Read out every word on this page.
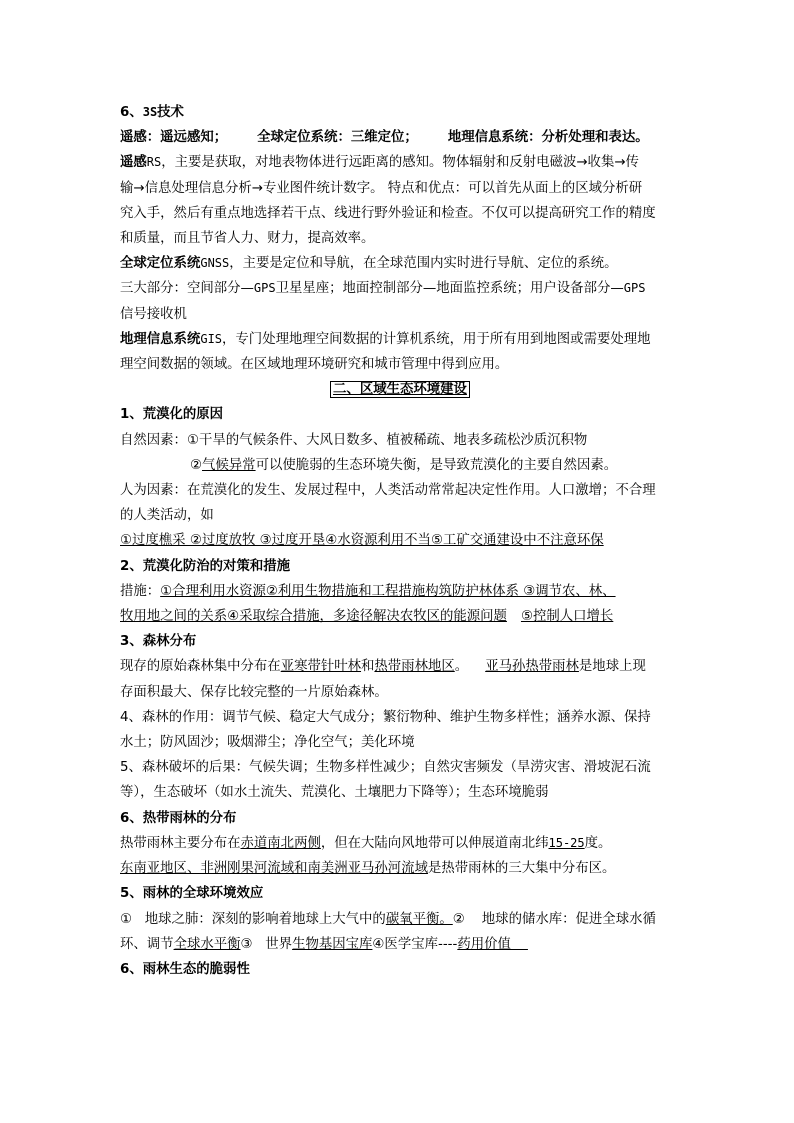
6、3S技术
遥感：遥远感知； 全球定位系统：三维定位； 地理信息系统：分析处理和表达。
遥感RS，主要是获取，对地表物体进行远距离的感知。物体辐射和反射电磁波→收集→传
输→信息处理信息分析→专业图件统计数字。 特点和优点：可以首先从面上的区域分析研
究入手，然后有重点地选择若干点、线进行野外验证和检查。不仅可以提高研究工作的精度
和质量，而且节省人力、财力，提高效率。
全球定位系统GNSS，主要是定位和导航，在全球范围内实时进行导航、定位的系统。
三大部分：空间部分—GPS卫星星座；地面控制部分—地面监控系统；用户设备部分—GPS
信号接收机
地理信息系统GIS，专门处理地理空间数据的计算机系统，用于所有用到地图或需要处理地
理空间数据的领域。在区域地理环境研究和城市管理中得到应用。
二、区域生态环境建设
1、荒漠化的原因
自然因素：①干旱的气候条件、大风日数多、植被稀疏、地表多疏松沙质沉积物
②气候异常可以使脆弱的生态环境失衡，是导致荒漠化的主要自然因素。
人为因素：在荒漠化的发生、发展过程中，人类活动常常起决定性作用。人口激增；不合理
的人类活动，如
①过度樵采 ②过度放牧 ③过度开垦④水资源利用不当⑤工矿交通建设中不注意环保
2、荒漠化防治的对策和措施
措施：①合理利用水资源②利用生物措施和工程措施构筑防护林体系 ③调节农、林、
牧用地之间的关系④采取综合措施，多途径解决农牧区的能源问题 ⑤控制人口增长
3、森林分布
现存的原始森林集中分布在亚寒带针叶林和热带雨林地区。    亚马孙热带雨林是地球上现
存面积最大、保存比较完整的一片原始森林。
4、森林的作用：调节气候、稳定大气成分；繁衍物种、维护生物多样性；涵养水源、保持
水土；防风固沙；吸烟滞尘；净化空气；美化环境
5、森林破坏的后果：气候失调；生物多样性减少；自然灾害频发（旱涝灾害、滑坡泥石流
等），生态破坏（如水土流失、荒漠化、土壤肥力下降等）；生态环境脆弱
6、热带雨林的分布
热带雨林主要分布在赤道南北两侧，但在大陆向风地带可以伸展道南北纬15-25度。
东南亚地区、非洲刚果河流域和南美洲亚马孙河流域是热带雨林的三大集中分布区。
5、雨林的全球环境效应
①   地球之肺：深刻的影响着地球上大气中的碳氧平衡。②    地球的储水库：促进全球水循
环、调节全球水平衡③   世界生物基因宝库④医学宝库----药用价值
6、雨林生态的脆弱性
